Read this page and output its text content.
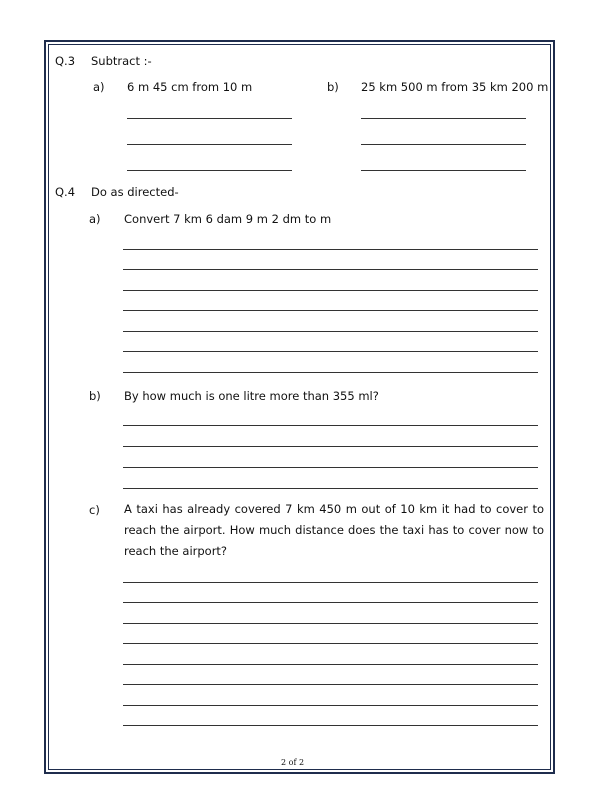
Q.3 Subtract :-
a) 6 m 45 cm from 10 m	b) 25 km 500 m from 35 km 200 m
Q.4 Do as directed-
a) Convert 7 km 6 dam 9 m 2 dm to m
b) By how much is one litre more than 355 ml?
c) A taxi has already covered 7 km 450 m out of 10 km it had to cover to reach the airport. How much distance does the taxi has to cover now to reach the airport?
2 of 2
